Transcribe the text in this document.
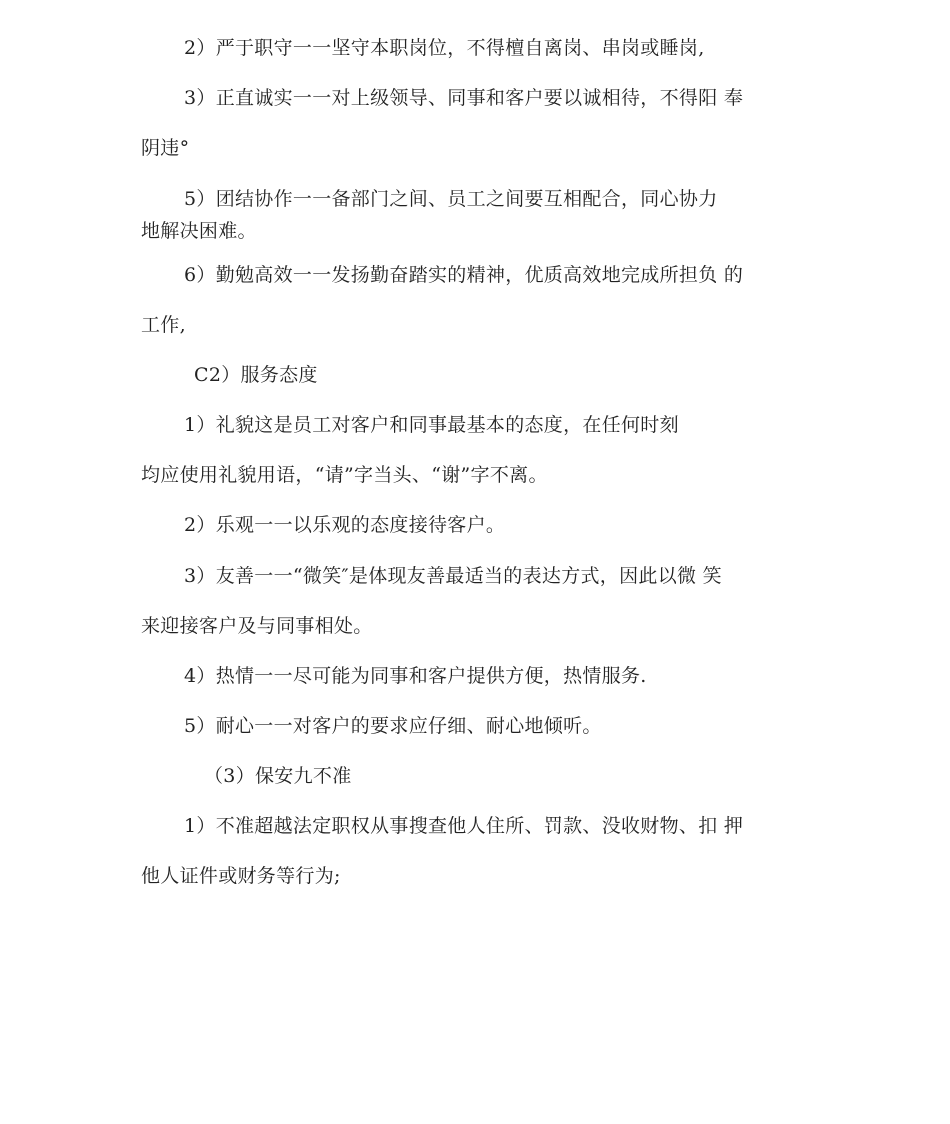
2）严于职守一一坚守本职岗位，不得檀自离岗、串岗或睡岗,
3）正直诚实一一对上级领导、同事和客户要以诚相待，不得阳 奉
阴违°
5）团结协作一一备部门之间、员工之间要互相配合，同心协力
地解决困难。
6）勤勉高效一一发扬勤奋踏实的精神，优质高效地完成所担负 的
工作,
C2）服务态度
1）礼貌这是员工对客户和同事最基本的态度，在任何时刻
均应使用礼貌用语，“请”字当头、“谢”字不离。
2）乐观一一以乐观的态度接待客户。
3）友善一一“微笑″是体现友善最适当的表达方式，因此以微 笑
来迎接客户及与同事相处。
4）热情一一尽可能为同事和客户提供方便，热情服务.
5）耐心一一对客户的要求应仔细、耐心地倾听。
（3）保安九不准
1）不准超越法定职权从事搜查他人住所、罚款、没收财物、扣 押
他人证件或财务等行为;
